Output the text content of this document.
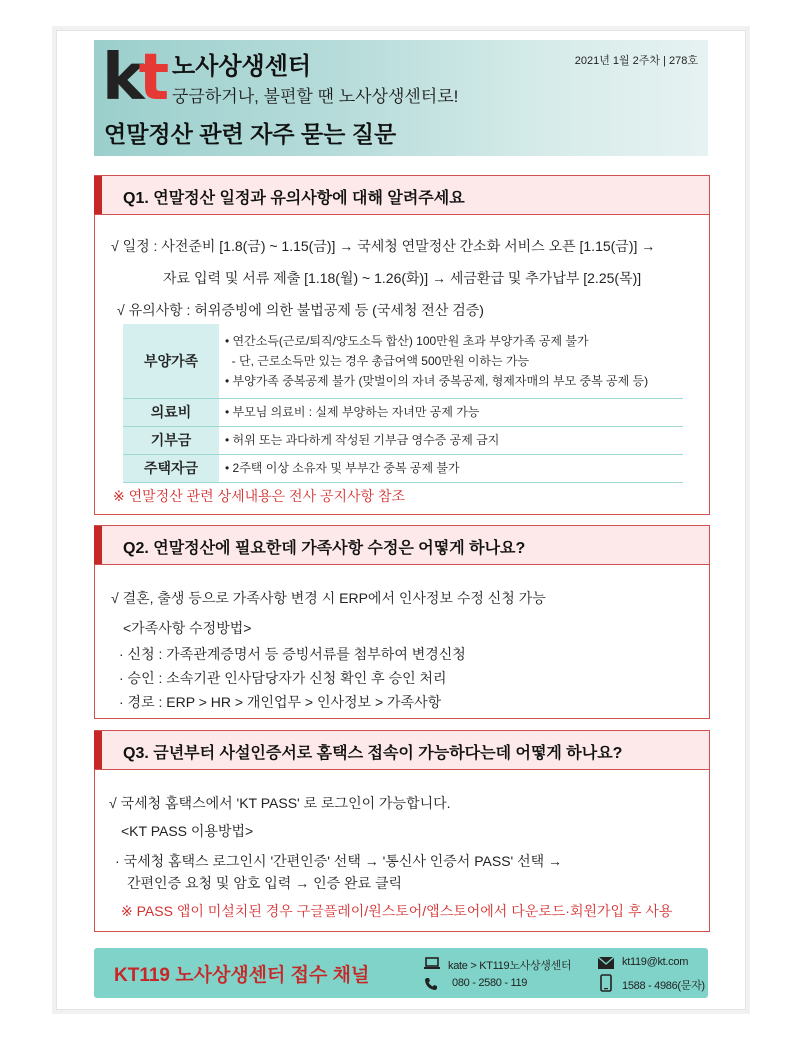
kt 노사상생센터
궁금하거나, 불편할 땐 노사상생센터로!
2021년 1월 2주차 | 278호
연말정산 관련 자주 묻는 질문
Q1. 연말정산 일정과 유의사항에 대해 알려주세요
√ 일정 : 사전준비 [1.8(금) ~ 1.15(금)] → 국세청 연말정산 간소화 서비스 오픈 [1.15(금)] →
자료 입력 및 서류 제출 [1.18(월) ~ 1.26(화)] → 세금환급 및 추가납부 [2.25(목)]
√ 유의사항 : 허위증빙에 의한 불법공제 등 (국세청 전산 검증)
부양가족	• 연간소득(근로/퇴직/양도소득 합산) 100만원 초과 부양가족 공제 불가
- 단, 근로소득만 있는 경우 총급여액 500만원 이하는 가능
• 부양가족 중복공제 불가 (맞벌이의 자녀 중복공제, 형제자매의 부모 중복 공제 등)

의료비	• 부모님 의료비 : 실제 부양하는 자녀만 공제 가능

기부금	• 허위 또는 과다하게 작성된 기부금 영수증 공제 금지

주택자금	• 2주택 이상 소유자 및 부부간 중복 공제 불가
※ 연말정산 관련 상세내용은 전사 공지사항 참조
Q2. 연말정산에 필요한데 가족사항 수정은 어떻게 하나요?
√ 결혼, 출생 등으로 가족사항 변경 시 ERP에서 인사정보 수정 신청 가능
<가족사항 수정방법>
· 신청 : 가족관계증명서 등 증빙서류를 첨부하여 변경신청
· 승인 : 소속기관 인사담당자가 신청 확인 후 승인 처리
· 경로 : ERP > HR > 개인업무 > 인사정보 > 가족사항
Q3. 금년부터 사설인증서로 홈택스 접속이 가능하다는데 어떻게 하나요?
√ 국세청 홈택스에서 'KT PASS' 로 로그인이 가능합니다.
<KT PASS 이용방법>
· 국세청 홈택스 로그인시 '간편인증' 선택 → '통신사 인증서 PASS' 선택 →
간편인증 요청 및 암호 입력 → 인증 완료 클릭
※ PASS 앱이 미설치된 경우 구글플레이/원스토어/앱스토어에서 다운로드·회원가입 후 사용
KT119 노사상생센터 접수 채널	kate > KT119노사상생센터
080 - 2580 - 119
kt119@kt.com
1588 - 4986(문자)
